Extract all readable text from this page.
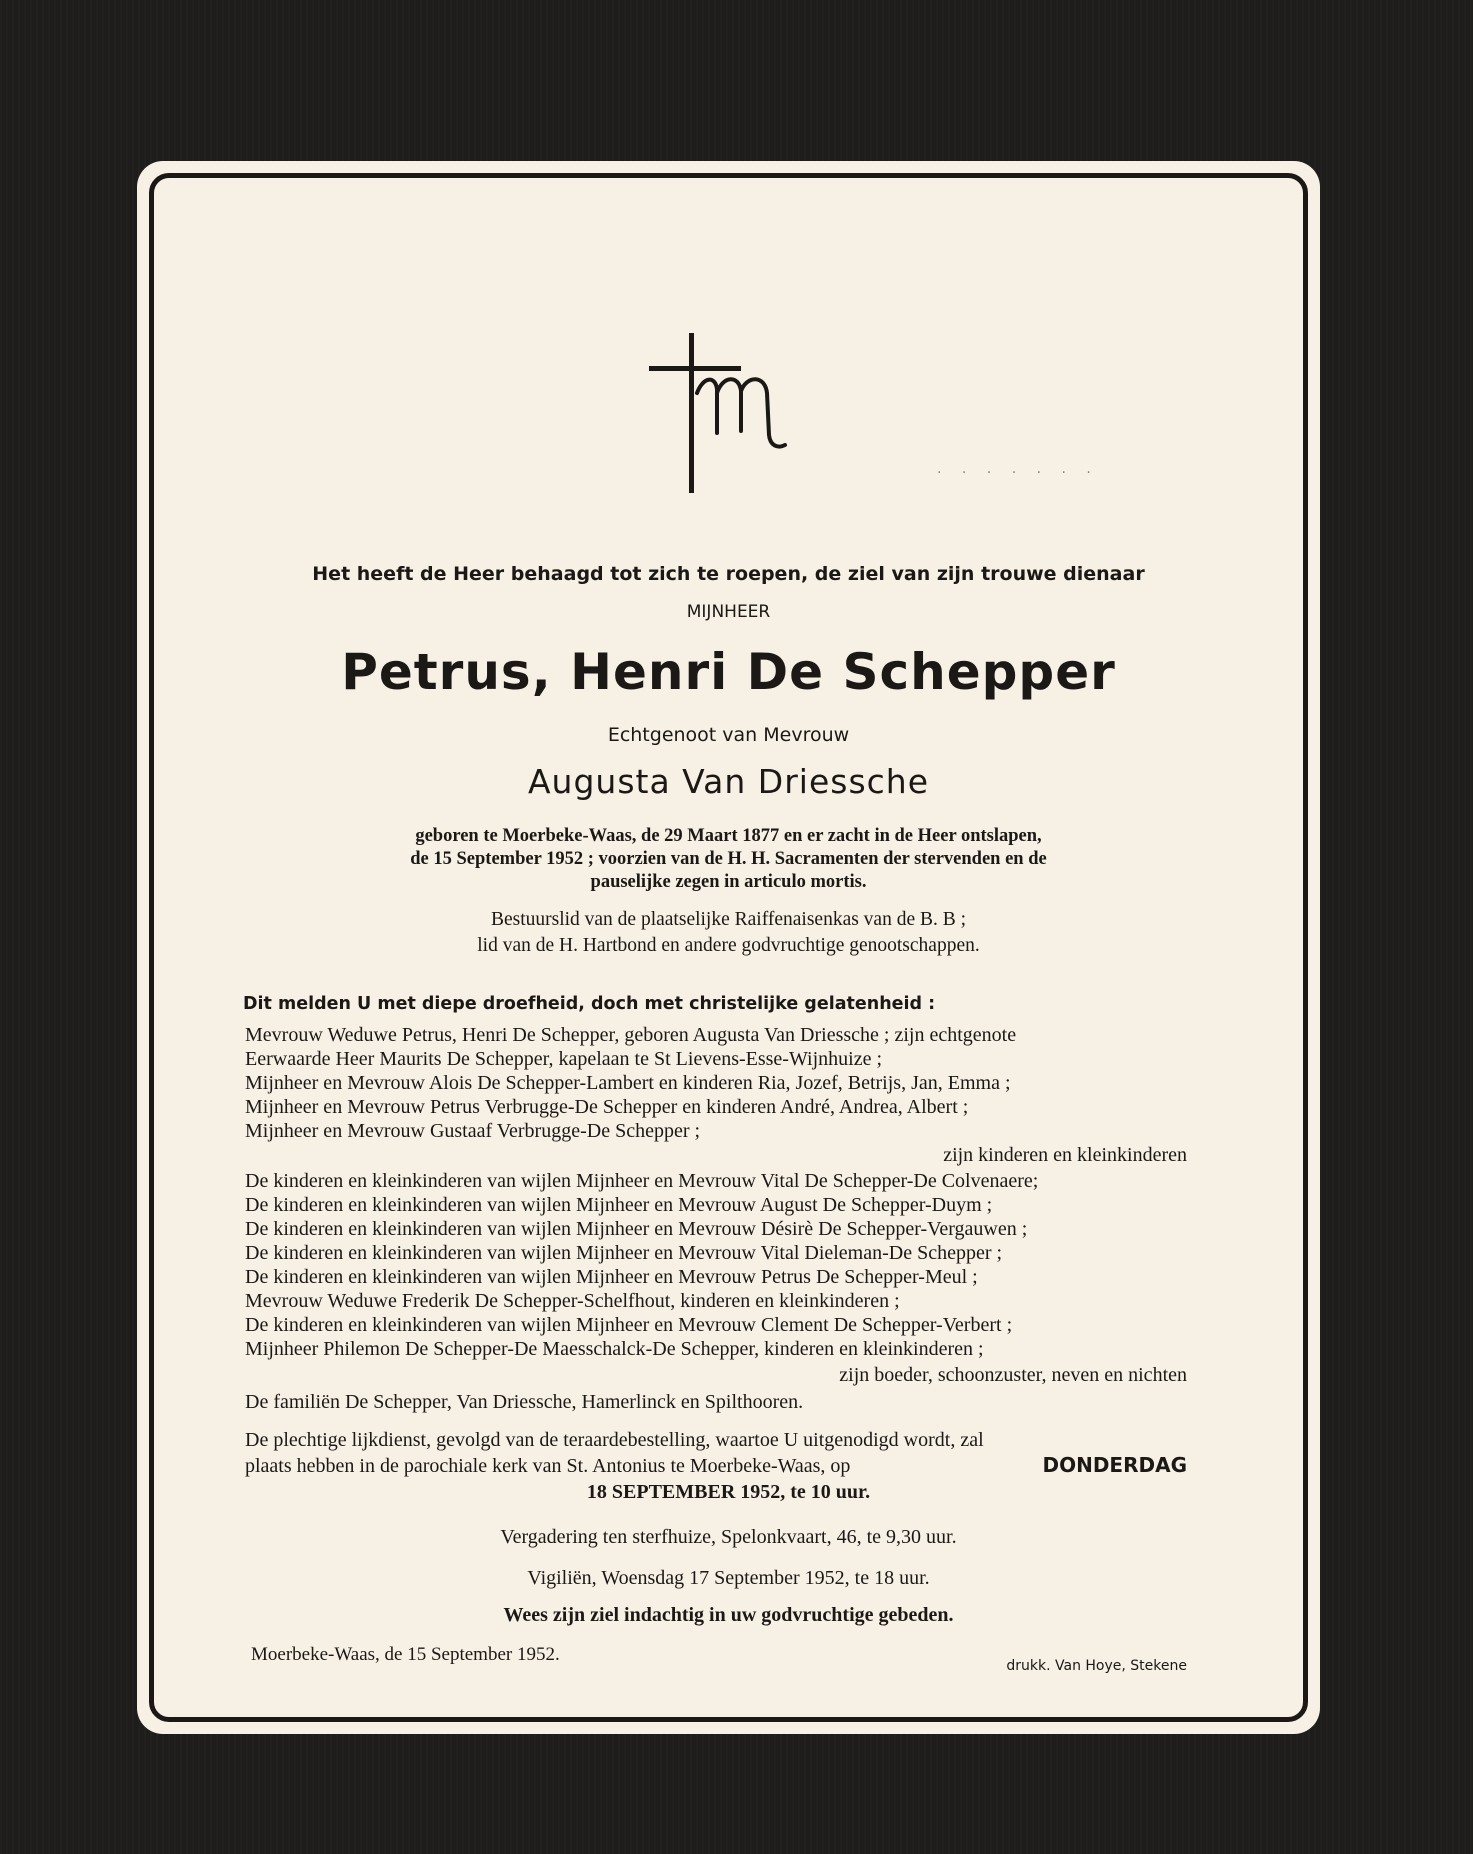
. . . . . . .
Het heeft de Heer behaagd tot zich te roepen, de ziel van zijn trouwe dienaar
MIJNHEER
Petrus, Henri De Schepper
Echtgenoot van Mevrouw
Augusta Van Driessche
geboren te Moerbeke-Waas, de 29 Maart 1877 en er zacht in de Heer ontslapen,
de 15 September 1952 ; voorzien van de H. H. Sacramenten der stervenden en de
pauselijke zegen in articulo mortis.
Bestuurslid van de plaatselijke Raiffenaisenkas van de B. B ;
lid van de H. Hartbond en andere godvruchtige genootschappen.
Dit melden U met diepe droefheid, doch met christelijke gelatenheid :
Mevrouw Weduwe Petrus, Henri De Schepper, geboren Augusta Van Driessche ; zijn echtgenote
Eerwaarde Heer Maurits De Schepper, kapelaan te St Lievens-Esse-Wijnhuize ;
Mijnheer en Mevrouw Alois De Schepper-Lambert en kinderen Ria, Jozef, Betrijs, Jan, Emma ;
Mijnheer en Mevrouw Petrus Verbrugge-De Schepper en kinderen André, Andrea, Albert ;
Mijnheer en Mevrouw Gustaaf Verbrugge-De Schepper ;
zijn kinderen en kleinkinderen
De kinderen en kleinkinderen van wijlen Mijnheer en Mevrouw Vital De Schepper-De Colvenaere;
De kinderen en kleinkinderen van wijlen Mijnheer en Mevrouw August De Schepper-Duym ;
De kinderen en kleinkinderen van wijlen Mijnheer en Mevrouw Désirè De Schepper-Vergauwen ;
De kinderen en kleinkinderen van wijlen Mijnheer en Mevrouw Vital Dieleman-De Schepper ;
De kinderen en kleinkinderen van wijlen Mijnheer en Mevrouw Petrus De Schepper-Meul ;
Mevrouw Weduwe Frederik De Schepper-Schelfhout, kinderen en kleinkinderen ;
De kinderen en kleinkinderen van wijlen Mijnheer en Mevrouw Clement De Schepper-Verbert ;
Mijnheer Philemon De Schepper-De Maesschalck-De Schepper, kinderen en kleinkinderen ;
zijn boeder, schoonzuster, neven en nichten
De familiën De Schepper, Van Driessche, Hamerlinck en Spilthooren.
De plechtige lijkdienst, gevolgd van de teraardebestelling, waartoe U uitgenodigd wordt, zal
plaats hebben in de parochiale kerk van St. Antonius te Moerbeke-Waas, op	DONDERDAG
18 SEPTEMBER 1952, te 10 uur.
Vergadering ten sterfhuize, Spelonkvaart, 46, te 9,30 uur.
Vigiliën, Woensdag 17 September 1952, te 18 uur.
Wees zijn ziel indachtig in uw godvruchtige gebeden.
Moerbeke-Waas, de 15 September 1952.
drukk. Van Hoye, Stekene
